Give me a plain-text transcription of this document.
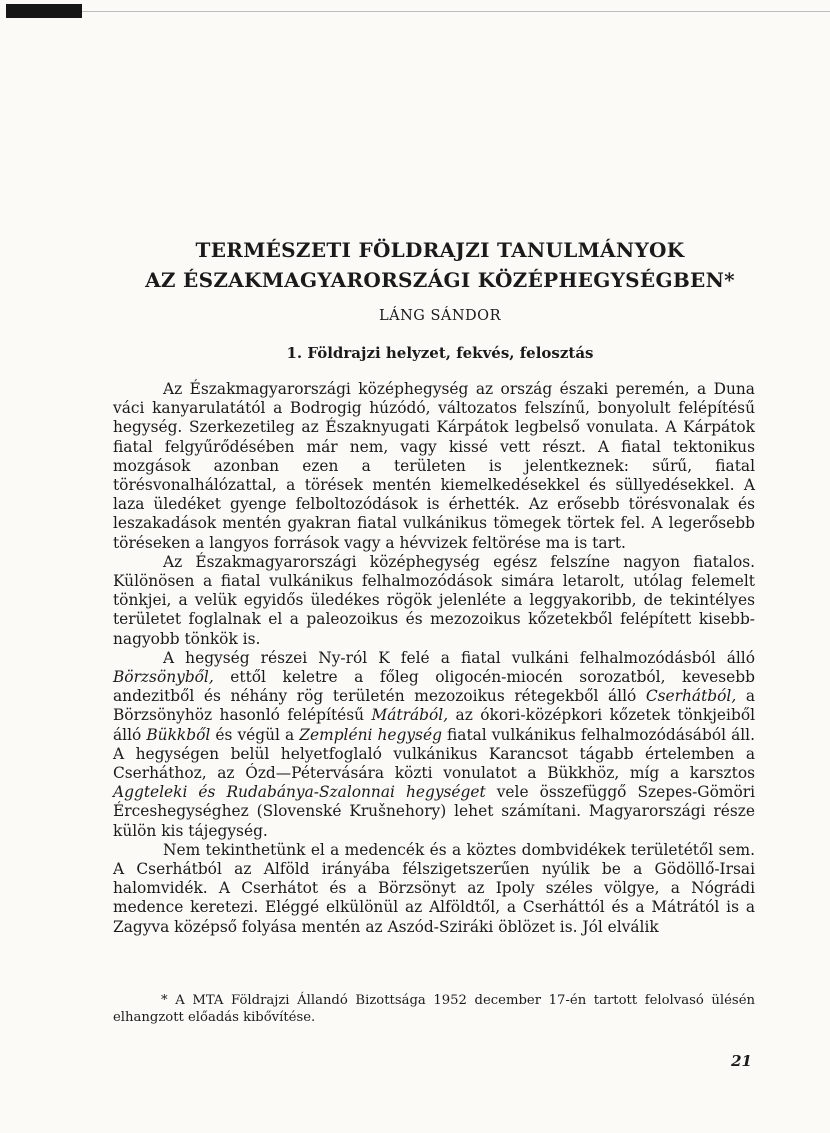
TERMÉSZETI FÖLDRAJZI TANULMÁNYOK
AZ ÉSZAKMAGYARORSZÁGI KÖZÉPHEGYSÉGBEN*
LÁNG SÁNDOR
1. Földrajzi helyzet, fekvés, felosztás

Az Északmagyarországi középhegység az ország északi peremén, a Duna váci kanyarulatától a Bodrogig húzódó, változatos felszínű, bonyolult felépítésű hegység. Szerkezetileg az Északnyugati Kárpátok legbelső vonulata. A Kárpátok fiatal felgyűrődésében már nem, vagy kissé vett részt. A fiatal tektonikus mozgások azonban ezen a területen is jelentkeznek: sűrű, fiatal törésvonalhálózattal, a törések mentén kiemelkedésekkel és süllyedésekkel. A laza üledéket gyenge felboltozódások is érhették. Az erősebb törésvonalak és leszakadások mentén gyakran fiatal vulkánikus tömegek törtek fel. A legerősebb töréseken a langyos források vagy a hévvizek feltörése ma is tart.

Az Északmagyarországi középhegység egész felszíne nagyon fiatalos. Különösen a fiatal vulkánikus felhalmozódások simára letarolt, utólag felemelt tönkjei, a velük egyidős üledékes rögök jelenléte a leggyakoribb, de tekintélyes területet foglalnak el a paleozoikus és mezozoikus kőzetekből felépített kisebb-nagyobb tönkök is.

A hegység részei Ny-ról K felé a fiatal vulkáni felhalmozódásból álló Börzsönyből, ettől keletre a főleg oligocén-miocén sorozatból, kevesebb andezitből és néhány rög területén mezozoikus rétegekből álló Cserhátból, a Börzsönyhöz hasonló felépítésű Mátrából, az ókori-középkori kőzetek tönkjeiből álló Bükkből és végül a Zempléni hegység fiatal vulkánikus felhalmozódásából áll. A hegységen belül helyetfoglaló vulkánikus Karancsot tágabb értelemben a Cserháthoz, az Ózd—Pétervására közti vonulatot a Bükkhöz, míg a karsztos Aggteleki és Rudabánya-Szalonnai hegységet vele összefüggő Szepes-Gömöri Érceshegységhez (Slovenské Krušnehory) lehet számítani. Magyarországi része külön kis tájegység.

Nem tekinthetünk el a medencék és a köztes dombvidékek területétől sem. A Cserhátból az Alföld irányába félszigetszerűen nyúlik be a Gödöllő-Irsai halomvidék. A Cserhátot és a Börzsönyt az Ipoly széles völgye, a Nógrádi medence keretezi. Eléggé elkülönül az Alföldtől, a Cserháttól és a Mátrától is a Zagyva középső folyása mentén az Aszód-Sziráki öblözet is. Jól elválik

* A MTA Földrajzi Állandó Bizottsága 1952 december 17-én tartott felolvasó ülésén elhangzott előadás kibővítése.

21
